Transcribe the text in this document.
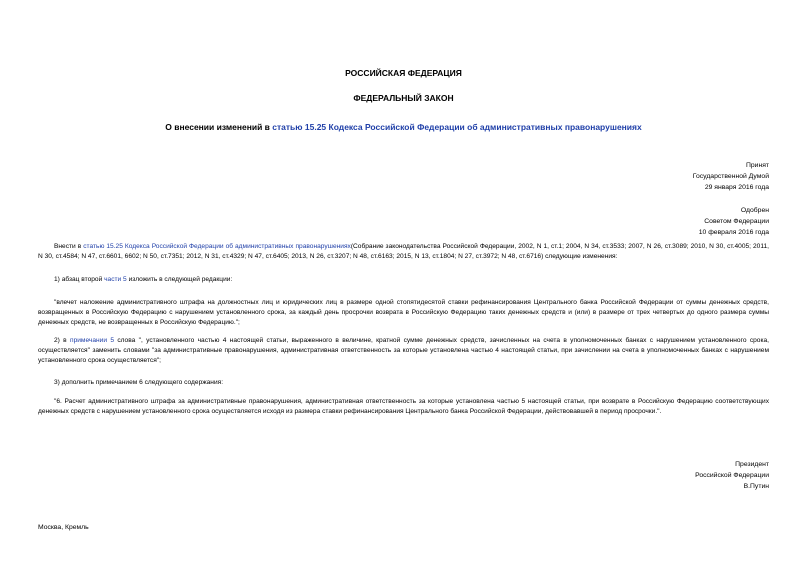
РОССИЙСКАЯ ФЕДЕРАЦИЯ
ФЕДЕРАЛЬНЫЙ ЗАКОН
О внесении изменений в статью 15.25 Кодекса Российской Федерации об административных правонарушениях
Принят
Государственной Думой
29 января 2016 года
Одобрен
Советом Федерации
10 февраля 2016 года
Внести в статью 15.25 Кодекса Российской Федерации об административных правонарушениях(Собрание законодательства Российской Федерации, 2002, N 1, ст.1; 2004, N 34, ст.3533; 2007, N 26, ст.3089; 2010, N 30, ст.4005; 2011, N 30, ст.4584; N 47, ст.6601, 6602; N 50, ст.7351; 2012, N 31, ст.4329; N 47, ст.6405; 2013, N 26, ст.3207; N 48, ст.6163; 2015, N 13, ст.1804; N 27, ст.3972; N 48, ст.6716) следующие изменения:
1) абзац второй части 5 изложить в следующей редакции:
"влечет наложение административного штрафа на должностных лиц и юридических лиц в размере одной стопятидесятой ставки рефинансирования Центрального банка Российской Федерации от суммы денежных средств, возвращенных в Российскую Федерацию с нарушением установленного срока, за каждый день просрочки возврата в Российскую Федерацию таких денежных средств и (или) в размере от трех четвертых до одного размера суммы денежных средств, не возвращенных в Российскую Федерацию.";
2) в примечании 5 слова ", установленного частью 4 настоящей статьи, выраженного в величине, кратной сумме денежных средств, зачисленных на счета в уполномоченных банках с нарушением установленного срока, осуществляется" заменить словами "за административные правонарушения, административная ответственность за которые установлена частью 4 настоящей статьи, при зачислении на счета в уполномоченных банках с нарушением установленного срока осуществляется";
3) дополнить примечанием 6 следующего содержания:
"6. Расчет административного штрафа за административные правонарушения, административная ответственность за которые установлена частью 5 настоящей статьи, при возврате в Российскую Федерацию соответствующих денежных средств с нарушением установленного срока осуществляется исходя из размера ставки рефинансирования Центрального банка Российской Федерации, действовавшей в период просрочки.".
Президент
Российской Федерации
В.Путин
Москва, Кремль
